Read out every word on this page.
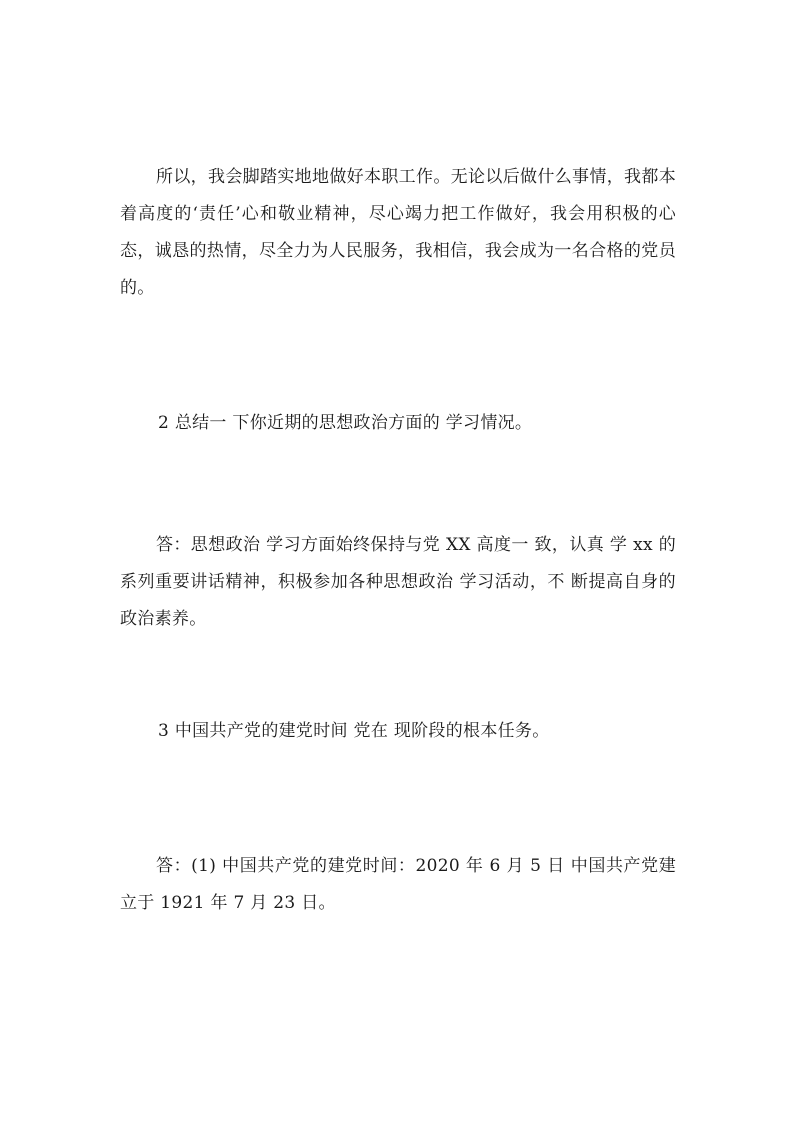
所以，我会脚踏实地地做好本职工作。无论以后做什么事情，我都本着高度的‘责任’心和敬业精神，尽心竭力把工作做好，我会用积极的心态，诚恳的热情，尽全力为人民服务，我相信，我会成为一名合格的党员的。

2 总结一 下你近期的思想政治方面的 学习情况。

答：思想政治 学习方面始终保持与党 XX 高度一 致，认真 学 xx 的系列重要讲话精神，积极参加各种思想政治 学习活动，不 断提高自身的政治素养。

3 中国共产党的建党时间 党在 现阶段的根本任务。

答：(1) 中国共产党的建党时间：2020 年 6 月 5 日 中国共产党建立于 1921 年 7 月 23 日。
